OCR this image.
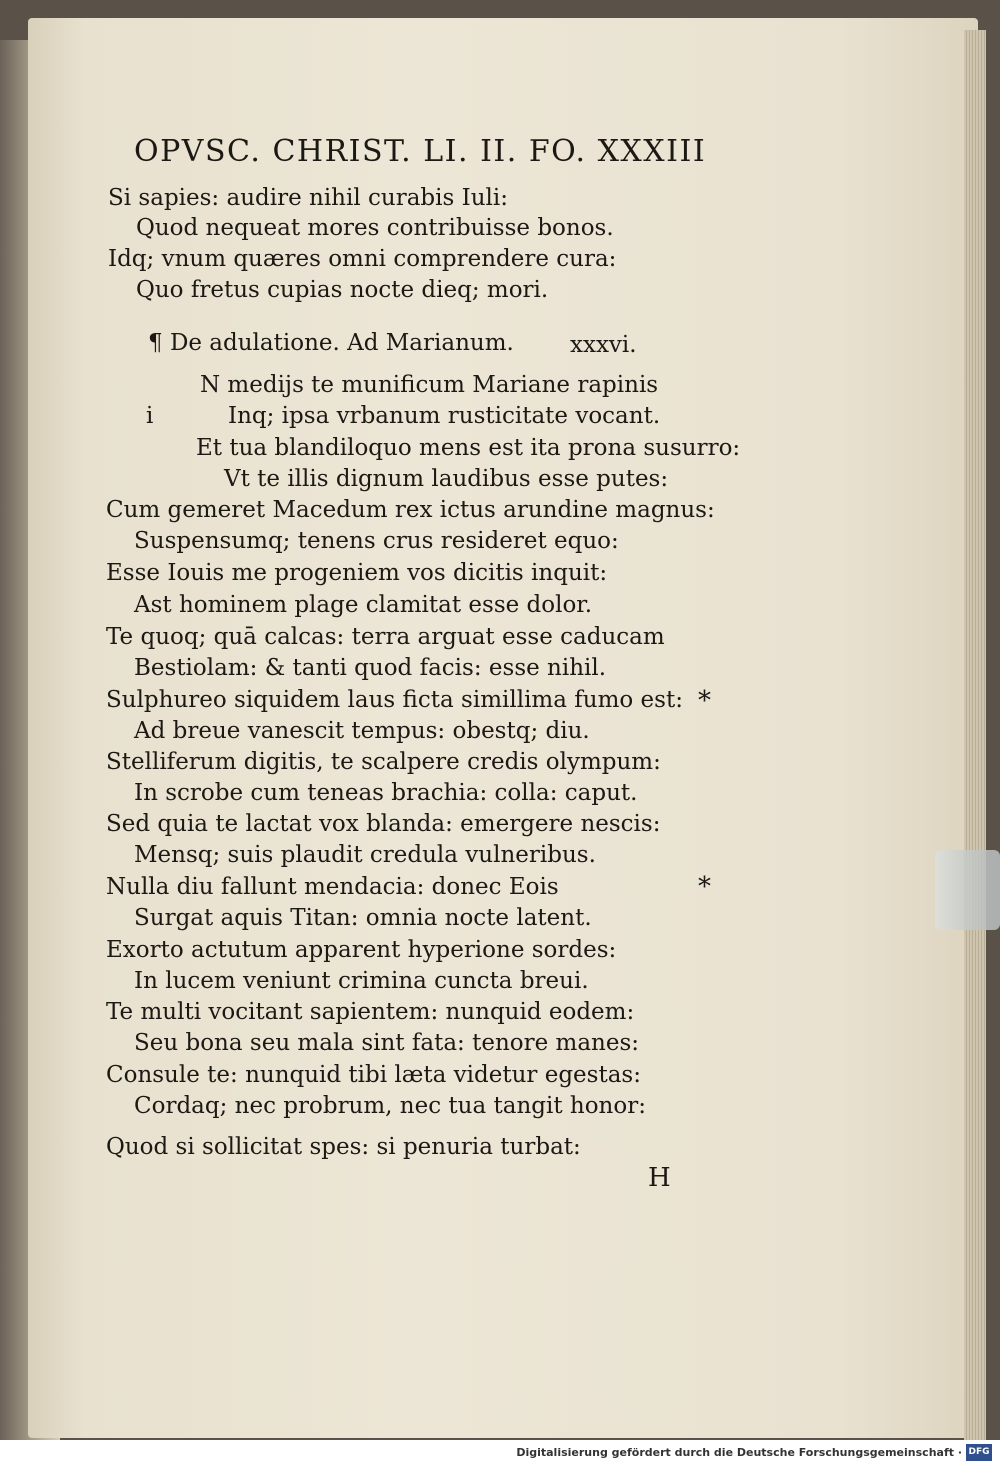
OPVSC. CHRIST. LI. II. FO. XXXIII
Si sapies: audire nihil curabis Iuli:
Quod nequeat mores contribuisse bonos.
Idq; vnum quæres omni comprendere cura:
Quo fretus cupias nocte dieq; mori.
¶ De adulatione. Ad Marianum. xxxvi.
i
N medijs te munificum Mariane rapinis
Inq; ipsa vrbanum rusticitate vocant.
Et tua blandiloquo mens est ita prona susurro:
Vt te illis dignum laudibus esse putes:
Cum gemeret Macedum rex ictus arundine magnus:
Suspensumq; tenens crus resideret equo:
Esse Iouis me progeniem vos dicitis inquit:
Ast hominem plage clamitat esse dolor.
Te quoq; quā calcas: terra arguat esse caducam
Bestiolam: & tanti quod facis: esse nihil.
Sulphureo siquidem laus ficta simillima fumo est:
Ad breue vanescit tempus: obestq; diu.
Stelliferum digitis, te scalpere credis olympum:
In scrobe cum teneas brachia: colla: caput.
Sed quia te lactat vox blanda: emergere nescis:
Mensq; suis plaudit credula vulneribus.
Nulla diu fallunt mendacia: donec Eois
Surgat aquis Titan: omnia nocte latent.
Exorto actutum apparent hyperione sordes:
In lucem veniunt crimina cuncta breui.
Te multi vocitant sapientem: nunquid eodem:
Seu bona seu mala sint fata: tenore manes:
Consule te: nunquid tibi læta videtur egestas:
Cordaq; nec probrum, nec tua tangit honor:
Quod si sollicitat spes: si penuria turbat:
*
*
H
Digitalisierung gefördert durch die Deutsche Forschungsgemeinschaft · DFG
